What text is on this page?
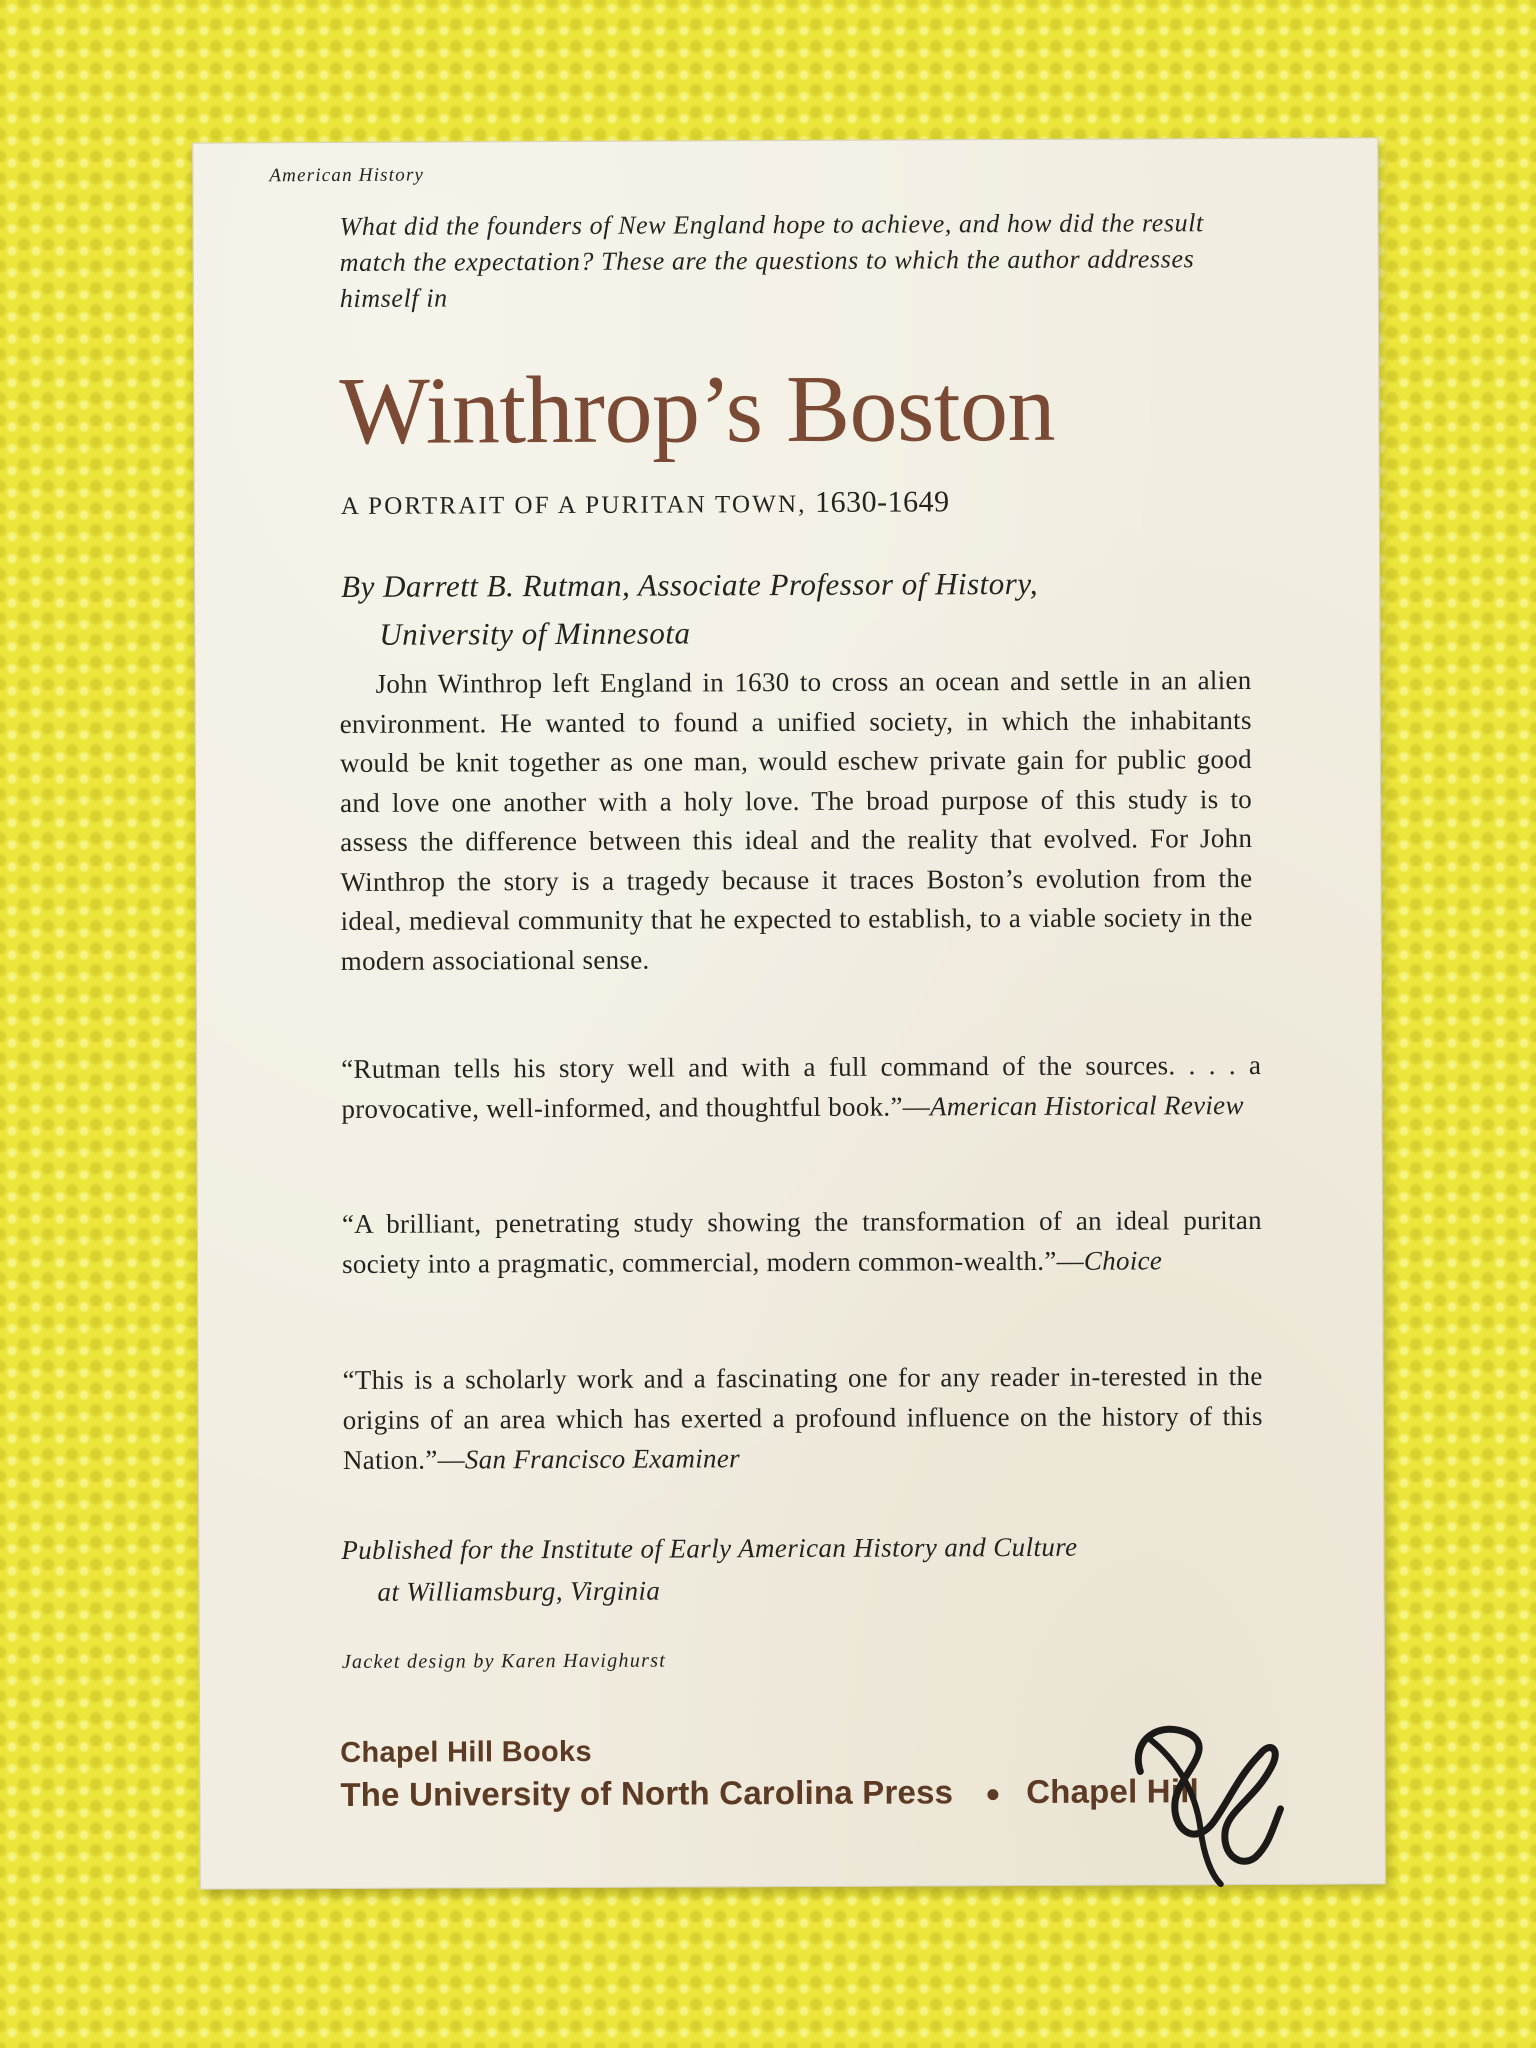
American History
What did the founders of New England hope to achieve, and how did the result match the expectation? These are the questions to which the author addresses himself in
Winthrop’s Boston
A PORTRAIT OF A PURITAN TOWN, 1630-1649
By Darrett B. Rutman, Associate Professor of History,
University of Minnesota
John Winthrop left England in 1630 to cross an ocean and settle in an alien environment. He wanted to found a unified society, in which the inhabitants would be knit together as one man, would eschew private gain for public good and love one another with a holy love. The broad purpose of this study is to assess the difference between this ideal and the reality that evolved. For John Winthrop the story is a tragedy because it traces Boston’s evolution from the ideal, medieval community that he expected to establish, to a viable society in the modern associational sense.
“Rutman tells his story well and with a full command of the sources. . . . a provocative, well-informed, and thoughtful book.”—American Historical Review
“A brilliant, penetrating study showing the transformation of an ideal puritan society into a pragmatic, commercial, modern common-wealth.”—Choice
“This is a scholarly work and a fascinating one for any reader in-terested in the origins of an area which has exerted a profound influence on the history of this Nation.”—San Francisco Examiner
Published for the Institute of Early American History and Culture
at Williamsburg, Virginia
Jacket design by Karen Havighurst
Chapel Hill Books
The University of North Carolina Press Chapel Hill
